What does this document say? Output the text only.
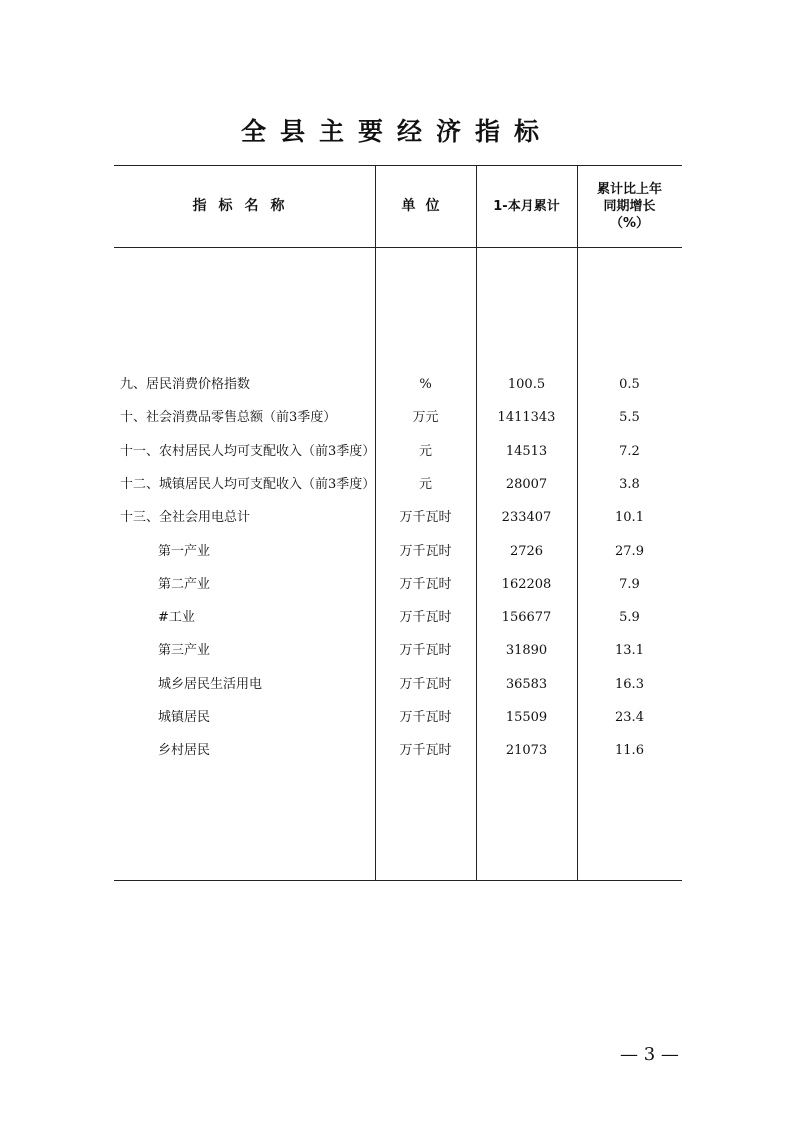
全县主要经济指标
指标名称	单位	1-本月累计
累计比上年
同期增长
（%）
九、居民消费价格指数	%	100.5	0.5
十、社会消费品零售总额（前3季度）	万元	1411343	5.5
十一、农村居民人均可支配收入（前3季度）	元	14513	7.2
十二、城镇居民人均可支配收入（前3季度）	元	28007	3.8
十三、全社会用电总计	万千瓦时	233407	10.1
第一产业	万千瓦时	2726	27.9
第二产业	万千瓦时	162208	7.9
#工业	万千瓦时	156677	5.9
第三产业	万千瓦时	31890	13.1
城乡居民生活用电	万千瓦时	36583	16.3
城镇居民	万千瓦时	15509	23.4
乡村居民	万千瓦时	21073	11.6
— 3 —
